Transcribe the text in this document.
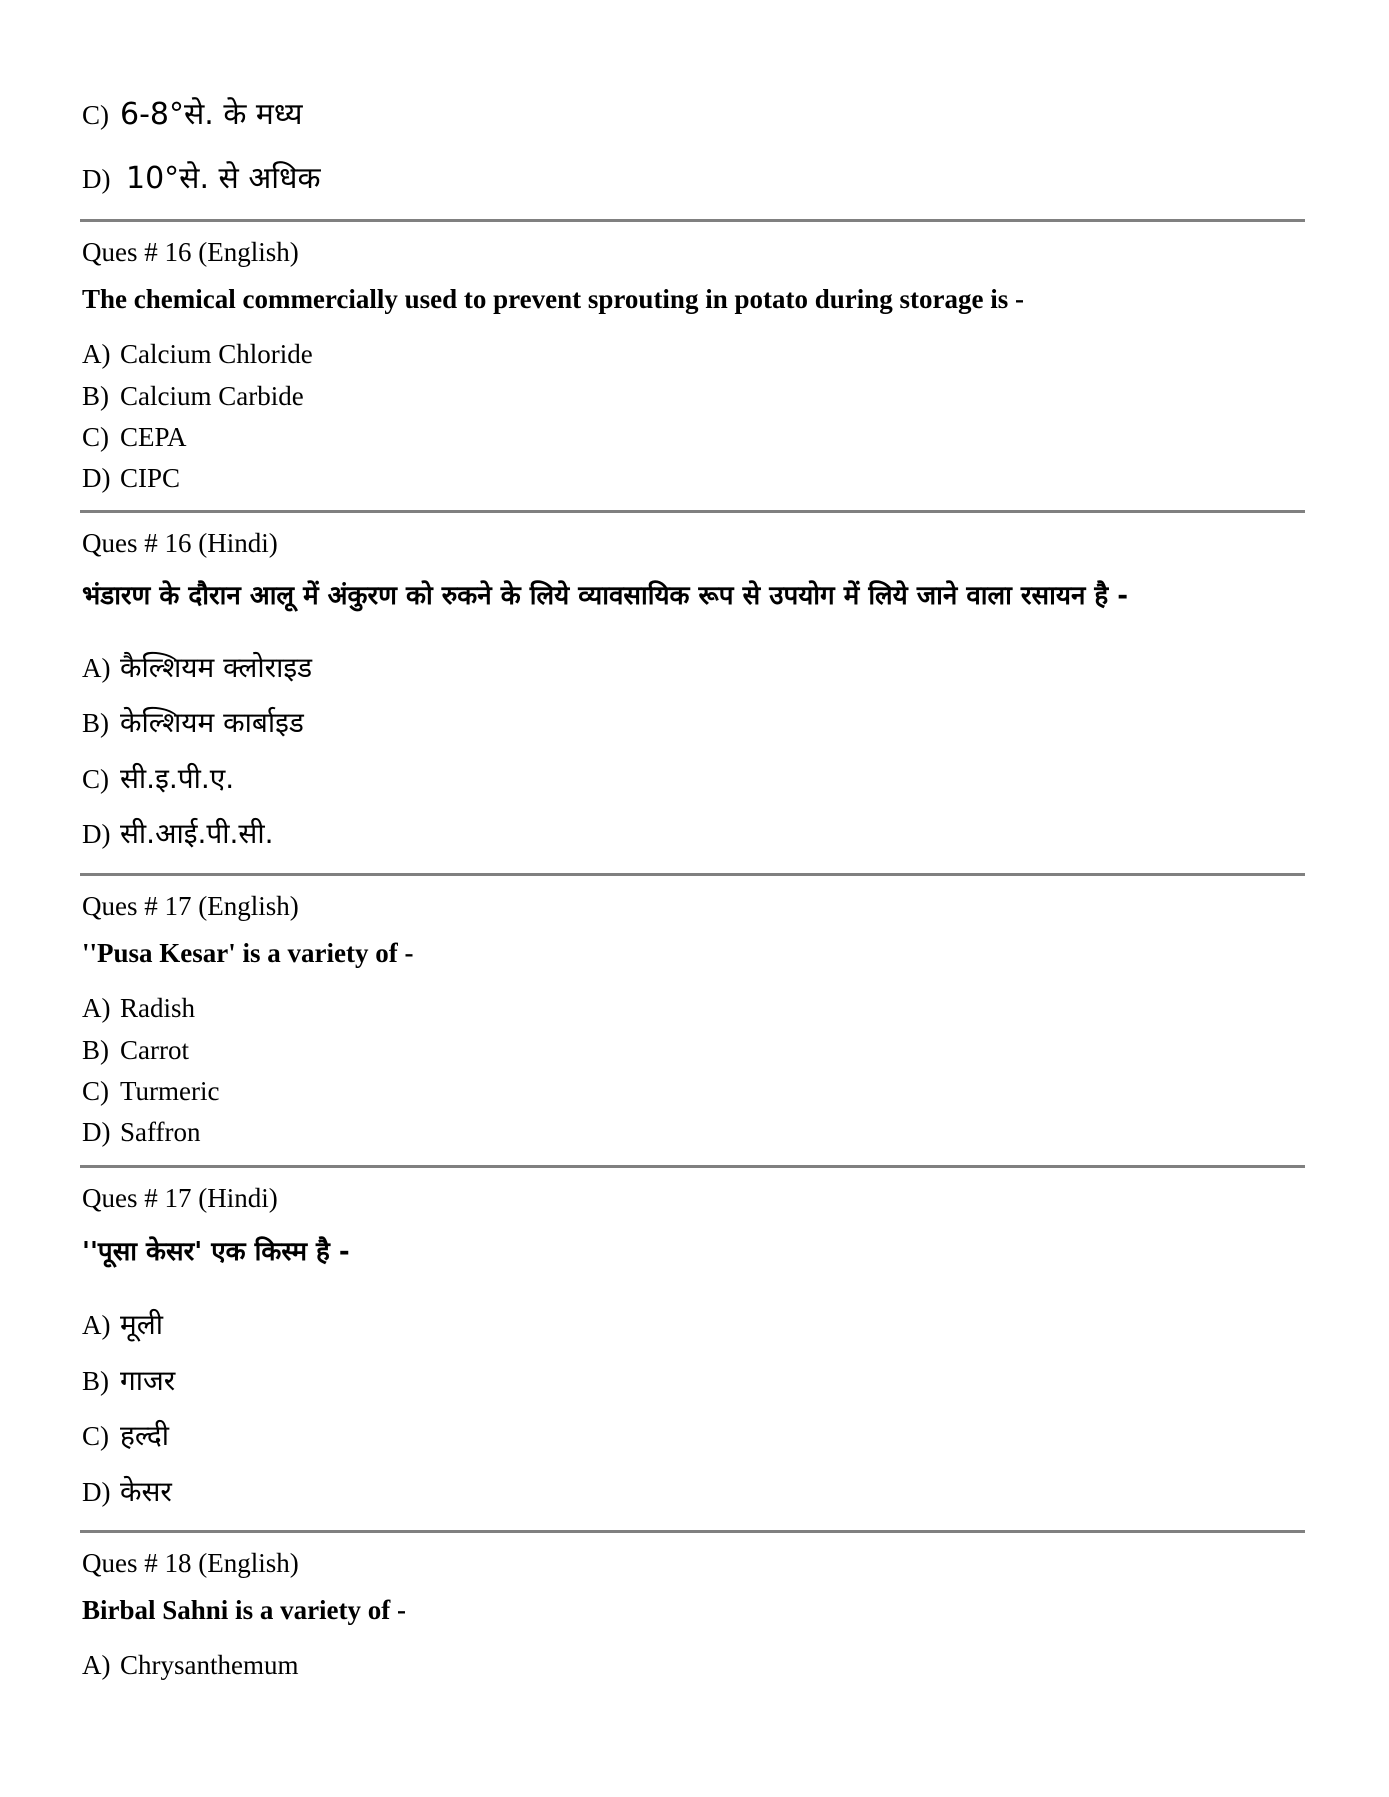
C) 6-8°से. के मध्य
D) 10°से. से अधिक
Ques # 16 (English)
The chemical commercially used to prevent sprouting in potato during storage is -
A) Calcium Chloride
B) Calcium Carbide
C) CEPA
D) CIPC
Ques # 16 (Hindi)
भंडारण के दौरान आलू में अंकुरण को रुकने के लिये व्यावसायिक रूप से उपयोग में लिये जाने वाला रसायन है -
A) कैल्शियम क्लोराइड
B) केल्शियम कार्बाइड
C) सी.इ.पी.ए.
D) सी.आई.पी.सी.
Ques # 17 (English)
''Pusa Kesar' is a variety of -
A) Radish
B) Carrot
C) Turmeric
D) Saffron
Ques # 17 (Hindi)
''पूसा केसर' एक किस्म है -
A) मूली
B) गाजर
C) हल्दी
D) केसर
Ques # 18 (English)
Birbal Sahni is a variety of -
A) Chrysanthemum
